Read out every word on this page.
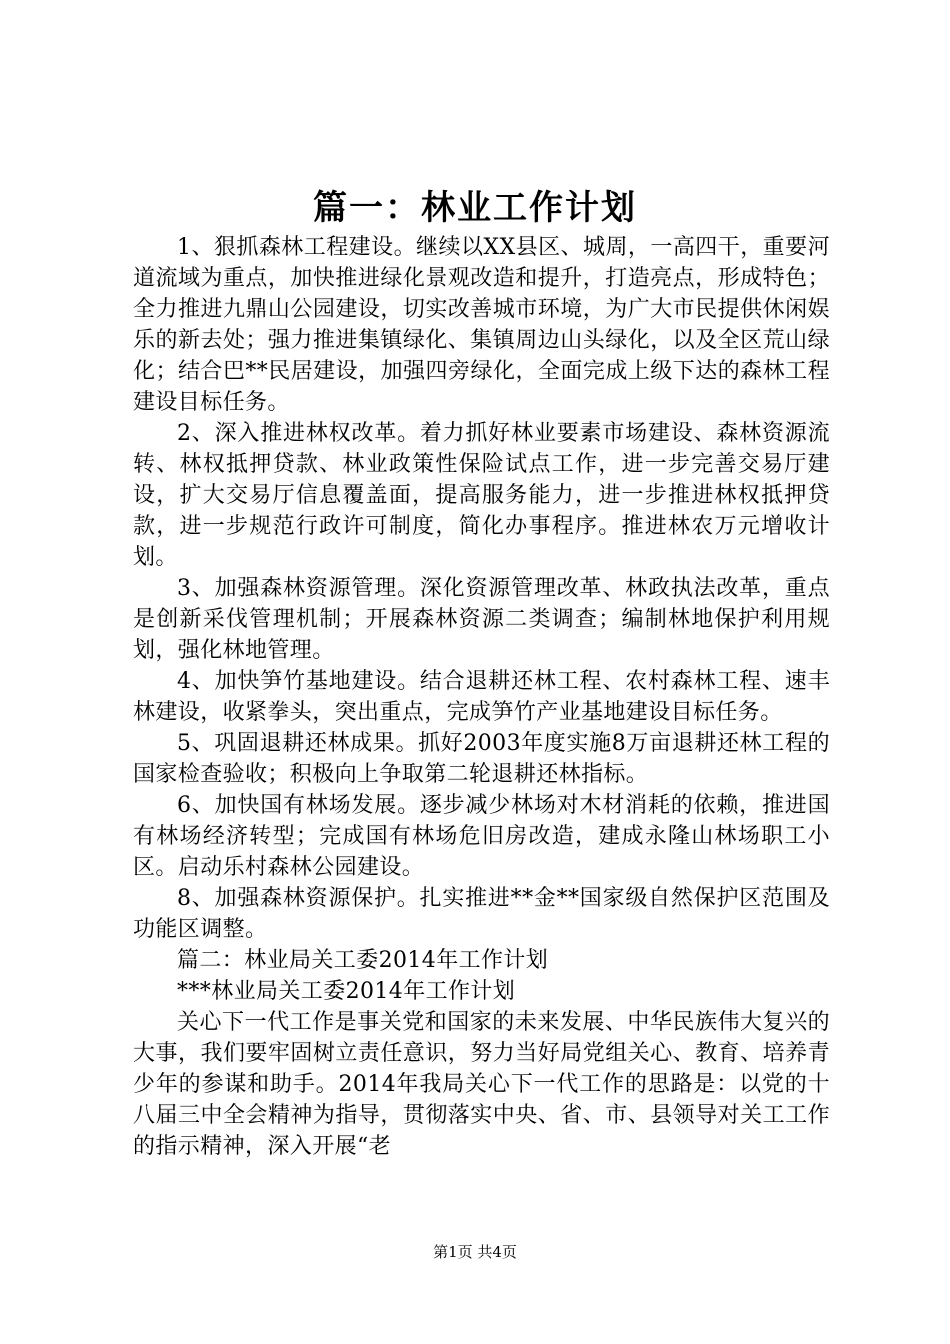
篇一：林业工作计划

1、狠抓森林工程建设。继续以XX县区、城周，一高四干，重要河道流域为重点，加快推进绿化景观改造和提升，打造亮点，形成特色；全力推进九鼎山公园建设，切实改善城市环境，为广大市民提供休闲娱乐的新去处；强力推进集镇绿化、集镇周边山头绿化，以及全区荒山绿化；结合巴**民居建设，加强四旁绿化，全面完成上级下达的森林工程建设目标任务。

2、深入推进林权改革。着力抓好林业要素市场建设、森林资源流转、林权抵押贷款、林业政策性保险试点工作，进一步完善交易厅建设，扩大交易厅信息覆盖面，提高服务能力，进一步推进林权抵押贷款，进一步规范行政许可制度，简化办事程序。推进林农万元增收计划。

3、加强森林资源管理。深化资源管理改革、林政执法改革，重点是创新采伐管理机制；开展森林资源二类调查；编制林地保护利用规划，强化林地管理。

4、加快笋竹基地建设。结合退耕还林工程、农村森林工程、速丰林建设，收紧拳头，突出重点，完成笋竹产业基地建设目标任务。

5、巩固退耕还林成果。抓好2003年度实施8万亩退耕还林工程的国家检查验收；积极向上争取第二轮退耕还林指标。

6、加快国有林场发展。逐步减少林场对木材消耗的依赖，推进国有林场经济转型；完成国有林场危旧房改造，建成永隆山林场职工小区。启动乐村森林公园建设。

8、加强森林资源保护。扎实推进**金**国家级自然保护区范围及功能区调整。

篇二：林业局关工委2014年工作计划

***林业局关工委2014年工作计划

关心下一代工作是事关党和国家的未来发展、中华民族伟大复兴的大事，我们要牢固树立责任意识，努力当好局党组关心、教育、培养青少年的参谋和助手。2014年我局关心下一代工作的思路是：以党的十八届三中全会精神为指导，贯彻落实中央、省、市、县领导对关工工作的指示精神，深入开展“老

第1页 共4页
